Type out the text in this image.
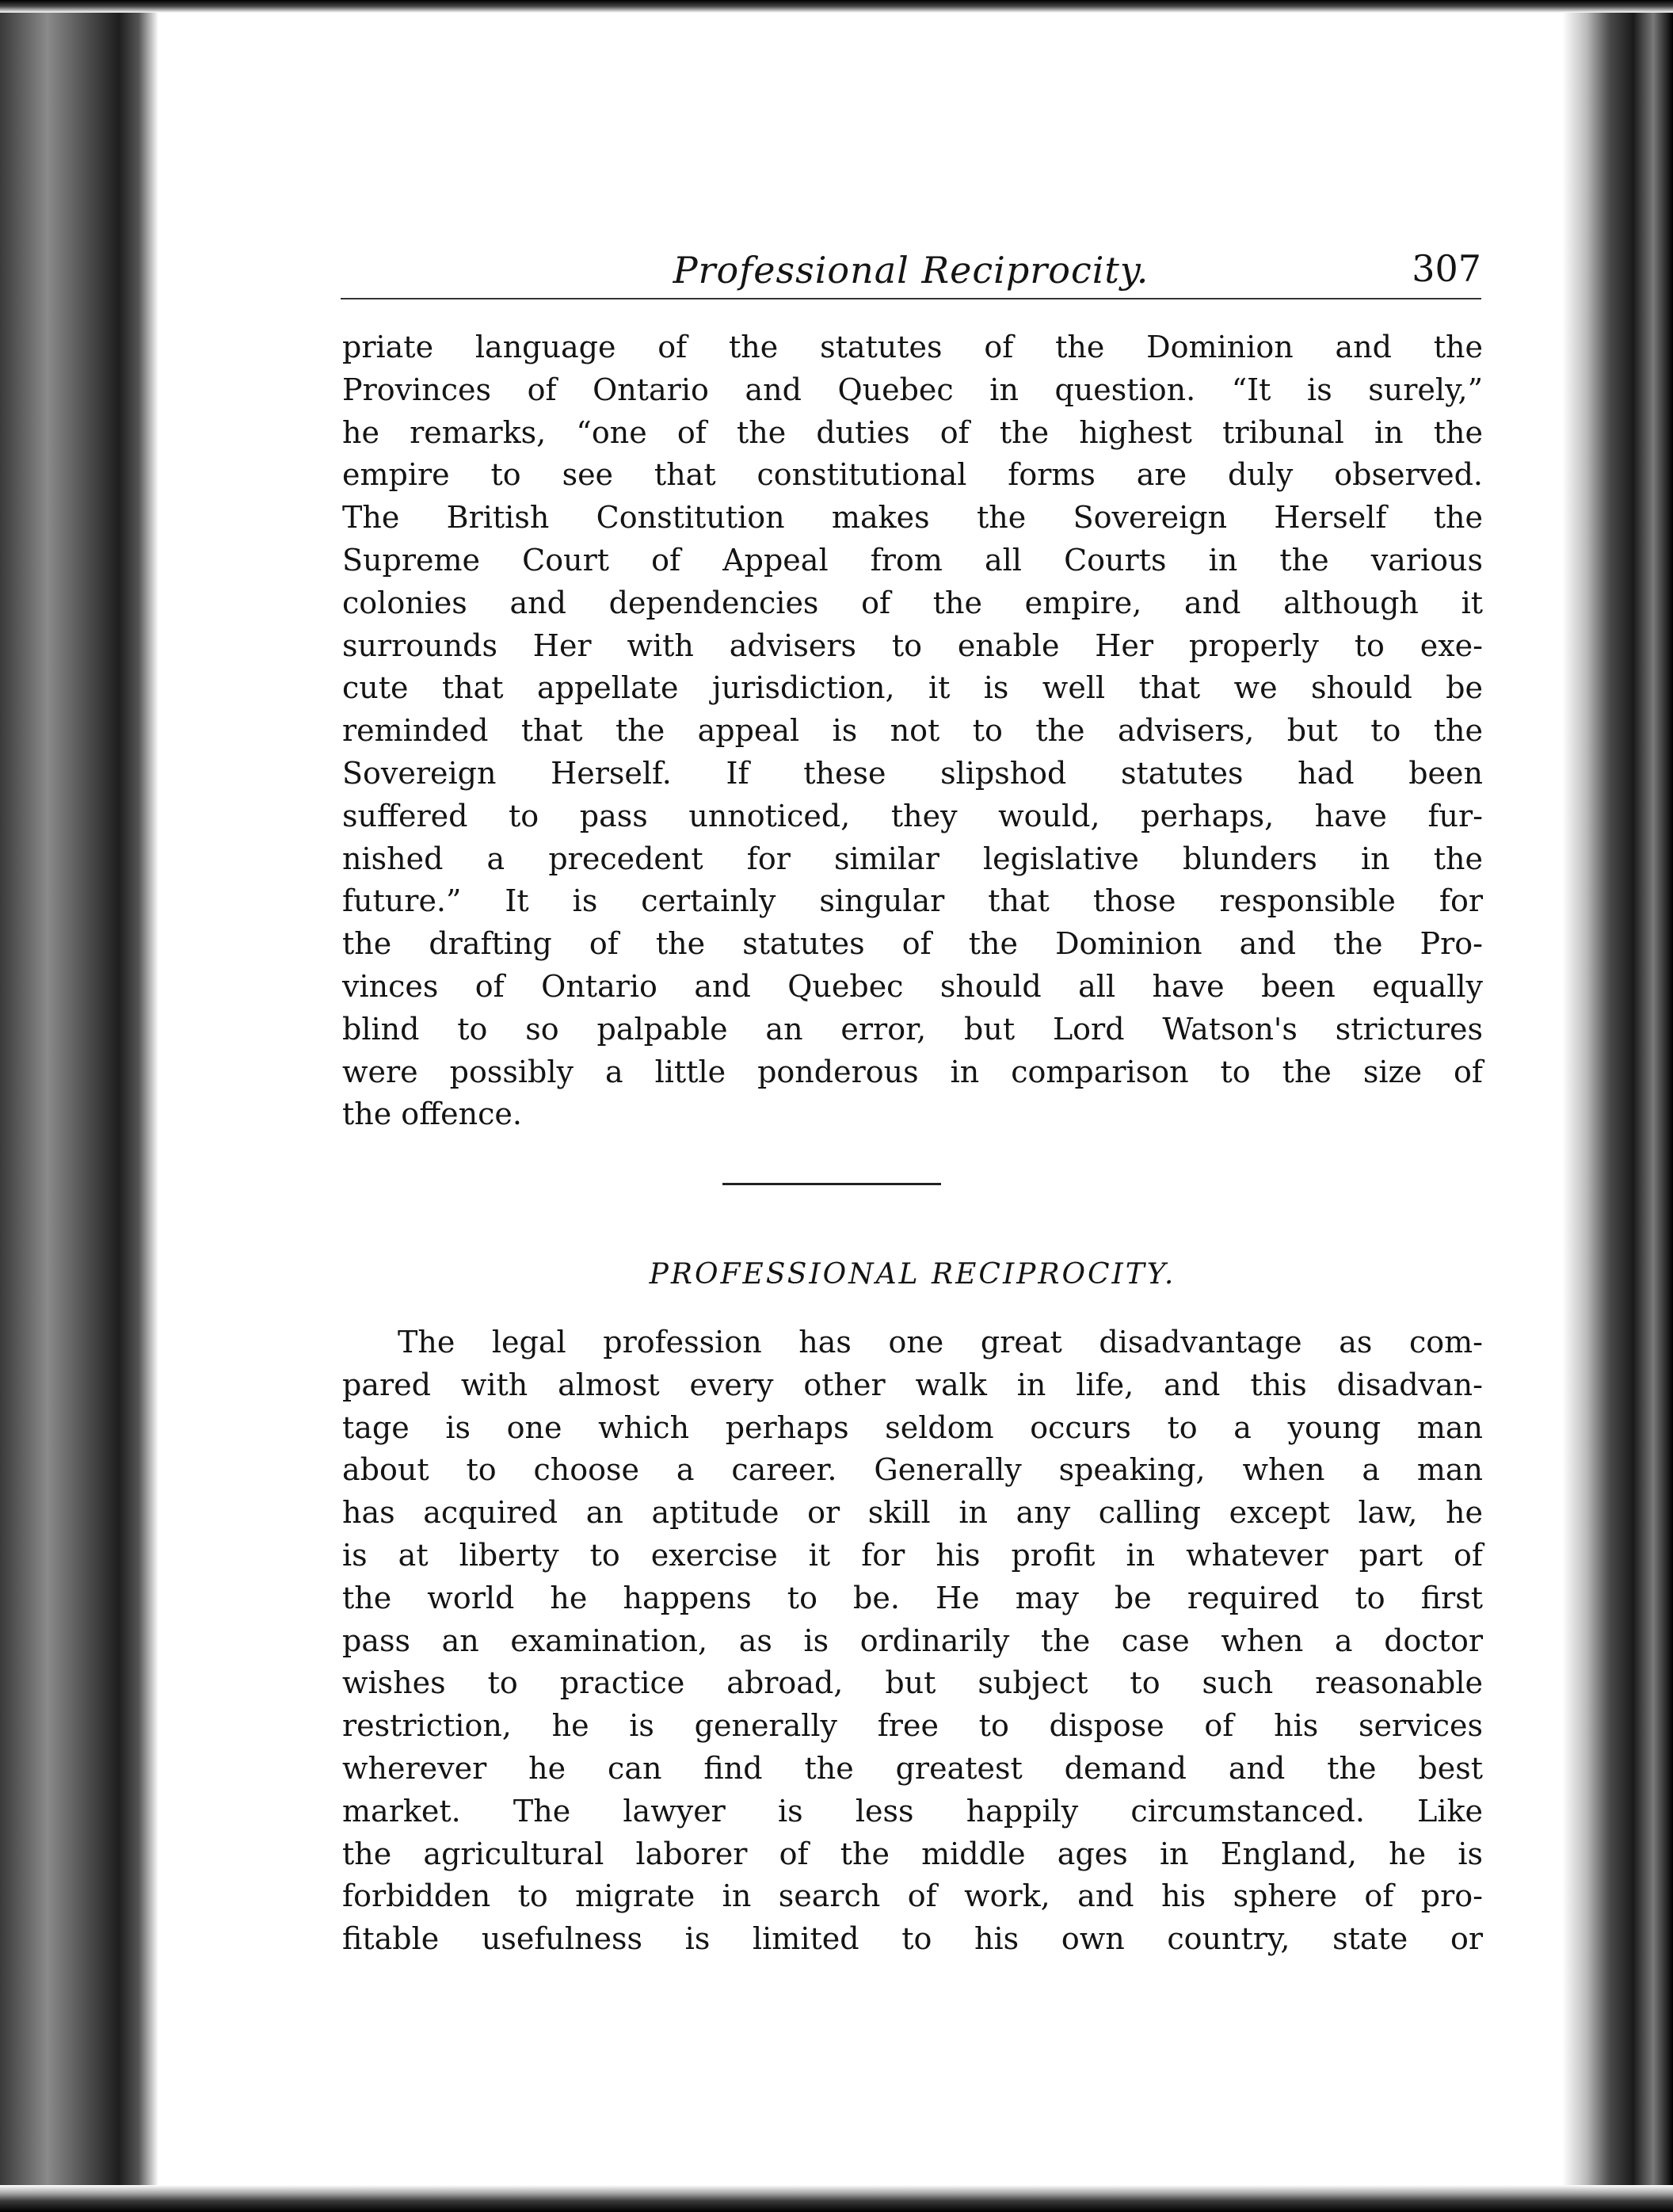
Professional Reciprocity.	307
priate language of the statutes of the Dominion and the
Provinces of Ontario and Quebec in question. “It is surely,”
he remarks, “one of the duties of the highest tribunal in the
empire to see that constitutional forms are duly observed.
The British Constitution makes the Sovereign Herself the
Supreme Court of Appeal from all Courts in the various
colonies and dependencies of the empire, and although it
surrounds Her with advisers to enable Her properly to exe-
cute that appellate jurisdiction, it is well that we should be
reminded that the appeal is not to the advisers, but to the
Sovereign Herself. If these slipshod statutes had been
suffered to pass unnoticed, they would, perhaps, have fur-
nished a precedent for similar legislative blunders in the
future.” It is certainly singular that those responsible for
the drafting of the statutes of the Dominion and the Pro-
vinces of Ontario and Quebec should all have been equally
blind to so palpable an error, but Lord Watson's strictures
were possibly a little ponderous in comparison to the size of
the offence.
PROFESSIONAL RECIPROCITY.
The legal profession has one great disadvantage as com-
pared with almost every other walk in life, and this disadvan-
tage is one which perhaps seldom occurs to a young man
about to choose a career. Generally speaking, when a man
has acquired an aptitude or skill in any calling except law, he
is at liberty to exercise it for his profit in whatever part of
the world he happens to be. He may be required to first
pass an examination, as is ordinarily the case when a doctor
wishes to practice abroad, but subject to such reasonable
restriction, he is generally free to dispose of his services
wherever he can find the greatest demand and the best
market. The lawyer is less happily circumstanced. Like
the agricultural laborer of the middle ages in England, he is
forbidden to migrate in search of work, and his sphere of pro-
fitable usefulness is limited to his own country, state or
